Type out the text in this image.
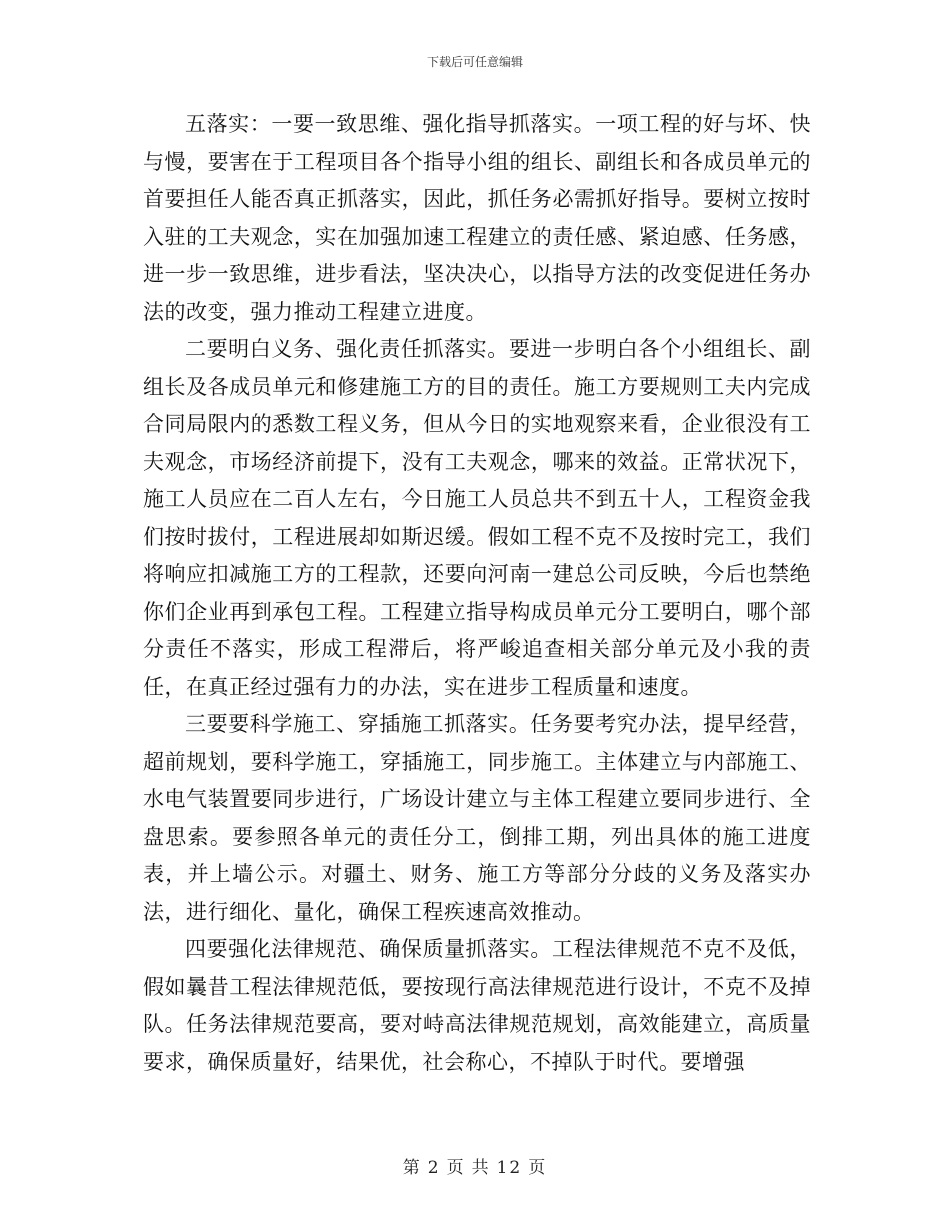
下载后可任意编辑

五落实：一要一致思维、强化指导抓落实。一项工程的好与坏、快与慢，要害在于工程项目各个指导小组的组长、副组长和各成员单元的首要担任人能否真正抓落实，因此，抓任务必需抓好指导。要树立按时入驻的工夫观念，实在加强加速工程建立的责任感、紧迫感、任务感，进一步一致思维，进步看法，坚决决心，以指导方法的改变促进任务办法的改变，强力推动工程建立进度。

二要明白义务、强化责任抓落实。要进一步明白各个小组组长、副组长及各成员单元和修建施工方的目的责任。施工方要规则工夫内完成合同局限内的悉数工程义务，但从今日的实地观察来看，企业很没有工夫观念，市场经济前提下，没有工夫观念，哪来的效益。正常状况下，施工人员应在二百人左右，今日施工人员总共不到五十人，工程资金我们按时拔付，工程进展却如斯迟缓。假如工程不克不及按时完工，我们将响应扣减施工方的工程款，还要向河南一建总公司反映，今后也禁绝你们企业再到承包工程。工程建立指导构成员单元分工要明白，哪个部分责任不落实，形成工程滞后，将严峻追查相关部分单元及小我的责任，在真正经过强有力的办法，实在进步工程质量和速度。

三要要科学施工、穿插施工抓落实。任务要考究办法，提早经营，超前规划，要科学施工，穿插施工，同步施工。主体建立与内部施工、水电气装置要同步进行，广场设计建立与主体工程建立要同步进行、全盘思索。要参照各单元的责任分工，倒排工期，列出具体的施工进度表，并上墙公示。对疆土、财务、施工方等部分分歧的义务及落实办法，进行细化、量化，确保工程疾速高效推动。

四要强化法律规范、确保质量抓落实。工程法律规范不克不及低，假如曩昔工程法律规范低，要按现行高法律规范进行设计，不克不及掉队。任务法律规范要高，要对峙高法律规范规划，高效能建立，高质量要求，确保质量好，结果优，社会称心，不掉队于时代。要增强

第 2 页 共 12 页
